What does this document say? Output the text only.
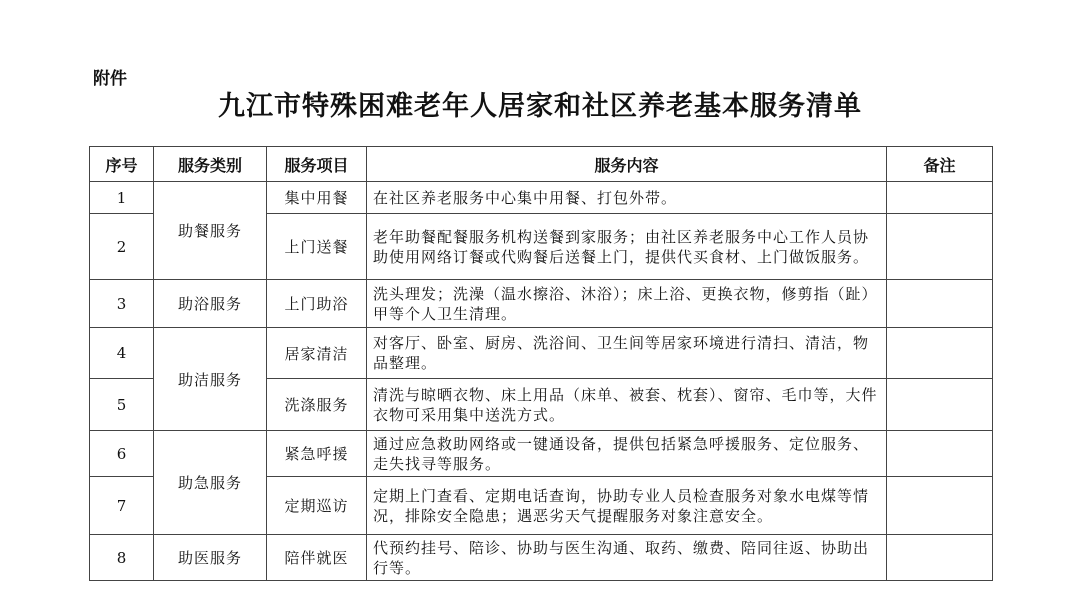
附件
九江市特殊困难老年人居家和社区养老基本服务清单
序号	服务类别	服务项目	服务内容	备注
1	助餐服务	集中用餐	在社区养老服务中心集中用餐、打包外带。	
2		上门送餐	老年助餐配餐服务机构送餐到家服务；由社区养老服务中心工作人员协助使用网络订餐或代购餐后送餐上门，提供代买食材、上门做饭服务。	
3	助浴服务	上门助浴	洗头理发；洗澡（温水擦浴、沐浴）；床上浴、更换衣物，修剪指（趾）甲等个人卫生清理。	
4	助洁服务	居家清洁	对客厅、卧室、厨房、洗浴间、卫生间等居家环境进行清扫、清洁，物品整理。	
5		洗涤服务	清洗与晾晒衣物、床上用品（床单、被套、枕套）、窗帘、毛巾等，大件衣物可采用集中送洗方式。	
6	助急服务	紧急呼援	通过应急救助网络或一键通设备，提供包括紧急呼援服务、定位服务、走失找寻等服务。	
7		定期巡访	定期上门查看、定期电话查询，协助专业人员检查服务对象水电煤等情况，排除安全隐患；遇恶劣天气提醒服务对象注意安全。	
8	助医服务	陪伴就医	代预约挂号、陪诊、协助与医生沟通、取药、缴费、陪同往返、协助出行等。	
